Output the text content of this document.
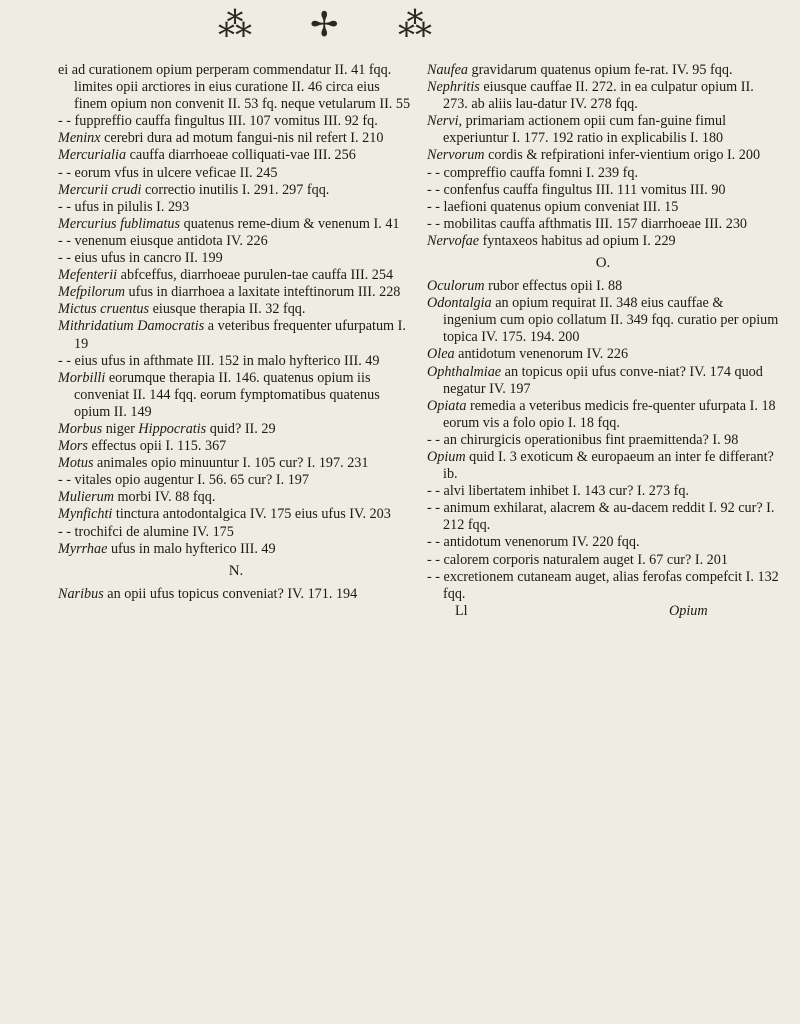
⁂ ✢ ⁂
ei ad curationem opium perperam commendatur II. 41 fqq. limites opii arctiores in eius curatione II. 46 circa eius finem opium non convenit II. 53 fq. neque vetularum II. 55
- - fuppreffio cauffa fingultus III. 107 vomitus III. 92 fq.
Meninx cerebri dura ad motum fangui-nis nil refert I. 210
Mercurialia cauffa diarrhoeae colliquati-vae III. 256
- - eorum vfus in ulcere veficae II. 245
Mercurii crudi correctio inutilis I. 291. 297 fqq.
- - ufus in pilulis I. 293
Mercurius fublimatus quatenus reme-dium & venenum I. 41
- - venenum eiusque antidota IV. 226
- - eius ufus in cancro II. 199
Mefenterii abfceffus, diarrhoeae purulen-tae cauffa III. 254
Mefpilorum ufus in diarrhoea a laxitate inteftinorum III. 228
Mictus cruentus eiusque therapia II. 32 fqq.
Mithridatium Damocratis a veteribus frequenter ufurpatum I. 19
- - eius ufus in afthmate III. 152 in malo hyfterico III. 49
Morbilli eorumque therapia II. 146. quatenus opium iis conveniat II. 144 fqq. eorum fymptomatibus quatenus opium II. 149
Morbus niger Hippocratis quid? II. 29
Mors effectus opii I. 115. 367
Motus animales opio minuuntur I. 105 cur? I. 197. 231
- - vitales opio augentur I. 56. 65 cur? I. 197
Mulierum morbi IV. 88 fqq.
Mynfichti tinctura antodontalgica IV. 175 eius ufus IV. 203
- - trochifci de alumine IV. 175
Myrrhae ufus in malo hyfterico III. 49
N.
Naribus an opii ufus topicus conveniat? IV. 171. 194
Naufea gravidarum quatenus opium fe-rat. IV. 95 fqq.
Nephritis eiusque cauffae II. 272. in ea culpatur opium II. 273. ab aliis lau-datur IV. 278 fqq.
Nervi, primariam actionem opii cum fan-guine fimul experiuntur I. 177. 192 ratio in explicabilis I. 180
Nervorum cordis & refpirationi infer-vientium origo I. 200
- - compreffio cauffa fomni I. 239 fq.
- - confenfus cauffa fingultus III. 111 vomitus III. 90
- - laefioni quatenus opium conveniat III. 15
- - mobilitas cauffa afthmatis III. 157 diarrhoeae III. 230
Nervofae fyntaxeos habitus ad opium I. 229
O.
Oculorum rubor effectus opii I. 88
Odontalgia an opium requirat II. 348 eius cauffae & ingenium cum opio collatum II. 349 fqq. curatio per opium topica IV. 175. 194. 200
Olea antidotum venenorum IV. 226
Ophthalmiae an topicus opii ufus conve-niat? IV. 174 quod negatur IV. 197
Opiata remedia a veteribus medicis fre-quenter ufurpata I. 18 eorum vis a folo opio I. 18 fqq.
- - an chirurgicis operationibus fint praemittenda? I. 98
Opium quid I. 3 exoticum & europaeum an inter fe differant? ib.
- - alvi libertatem inhibet I. 143 cur? I. 273 fq.
- - animum exhilarat, alacrem & au-dacem reddit I. 92 cur? I. 212 fqq.
- - antidotum venenorum IV. 220 fqq.
- - calorem corporis naturalem auget I. 67 cur? I. 201
- - excretionem cutaneam auget, alias ferofas compefcit I. 132 fqq.
Ll	Opium
